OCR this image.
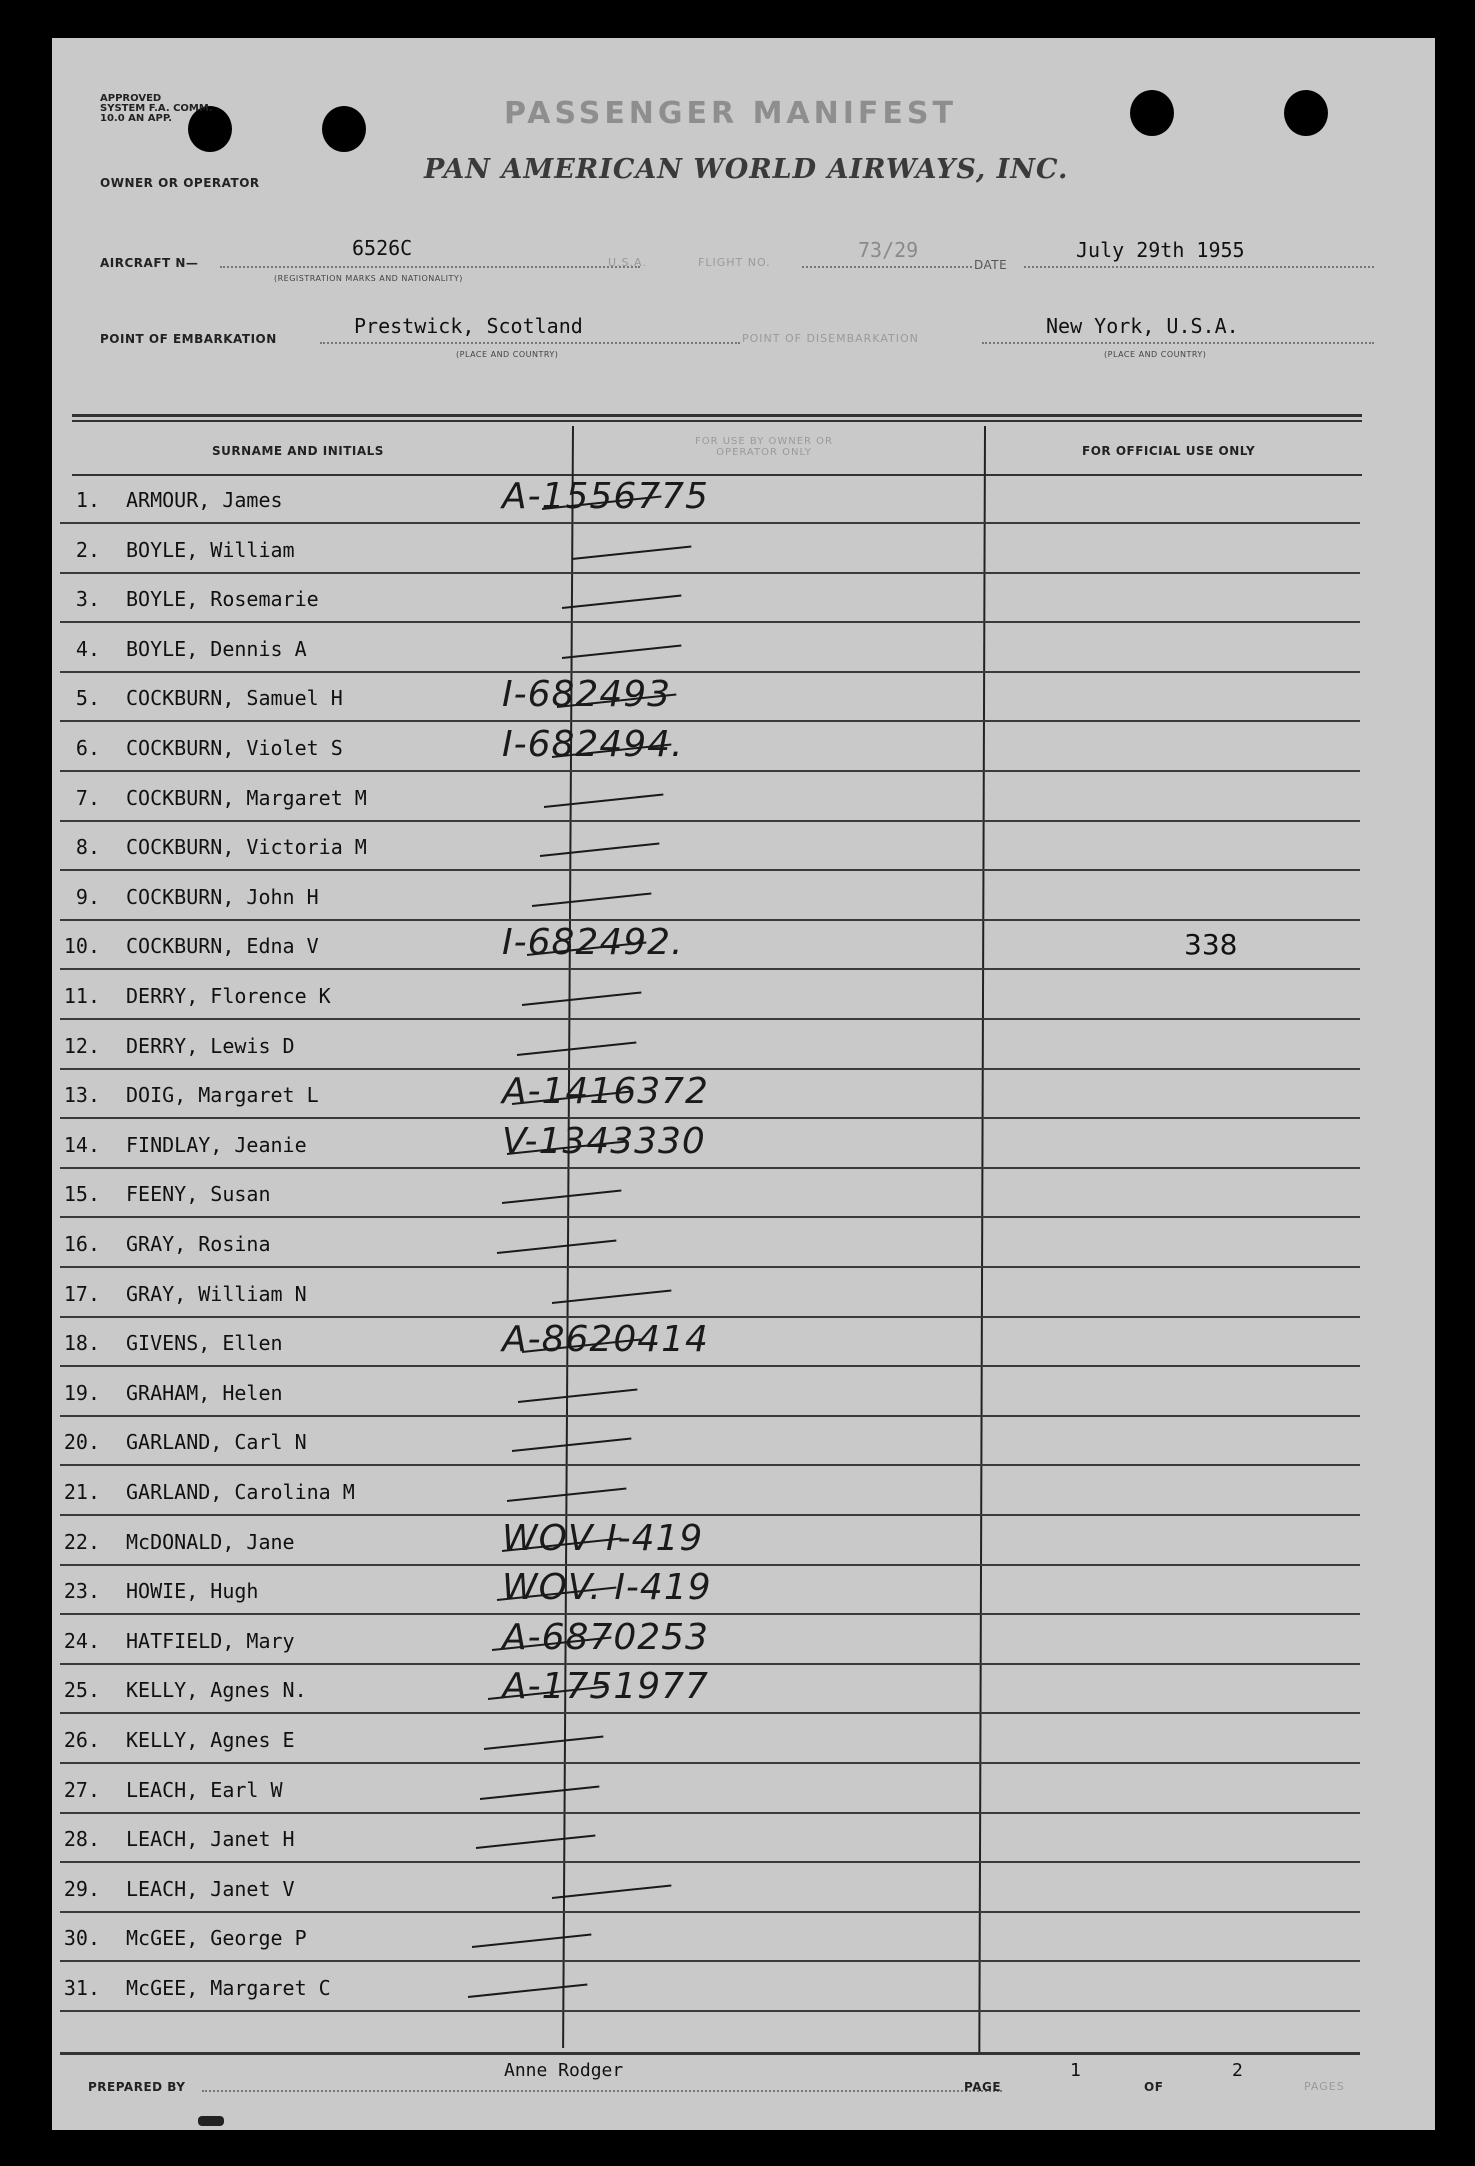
APPROVED
SYSTEM F.A. COMM.
10.0 AN APP.	PASSENGER MANIFEST
OWNER OR OPERATOR	PAN AMERICAN WORLD AIRWAYS, INC.
AIRCRAFT N—
6526C
(REGISTRATION MARKS AND NATIONALITY)
U.S.A.	FLIGHT NO.
73/29
DATE
July 29th 1955
POINT OF EMBARKATION
Prestwick, Scotland
(PLACE AND COUNTRY)
POINT OF DISEMBARKATION
New York, U.S.A.
(PLACE AND COUNTRY)
SURNAME AND INITIALS
FOR USE BY OWNER OR OPERATOR ONLY	FOR OFFICIAL USE ONLY
1. ARMOUR, James	A-1556775
2. BOYLE, William
3. BOYLE, Rosemarie
4. BOYLE, Dennis A
5. COCKBURN, Samuel H	I-682493
6. COCKBURN, Violet S	I-682494.
7. COCKBURN, Margaret M
8. COCKBURN, Victoria M
9. COCKBURN, John H
10. COCKBURN, Edna V	I-682492.	338
11. DERRY, Florence K
12. DERRY, Lewis D
13. DOIG, Margaret L	A-1416372
14. FINDLAY, Jeanie	V-1343330
15. FEENY, Susan
16. GRAY, Rosina
17. GRAY, William N
18. GIVENS, Ellen	A-8620414
19. GRAHAM, Helen
20. GARLAND, Carl N
21. GARLAND, Carolina M
22. McDONALD, Jane	WOV I-419
23. HOWIE, Hugh	WOV. I-419
24. HATFIELD, Mary	A-6870253
25. KELLY, Agnes N.	A-1751977
26. KELLY, Agnes E
27. LEACH, Earl W
28. LEACH, Janet H
29. LEACH, Janet V
30. McGEE, George P
31. McGEE, Margaret C
PREPARED BY
Anne Rodger
PAGE
1
OF
2
PAGES
